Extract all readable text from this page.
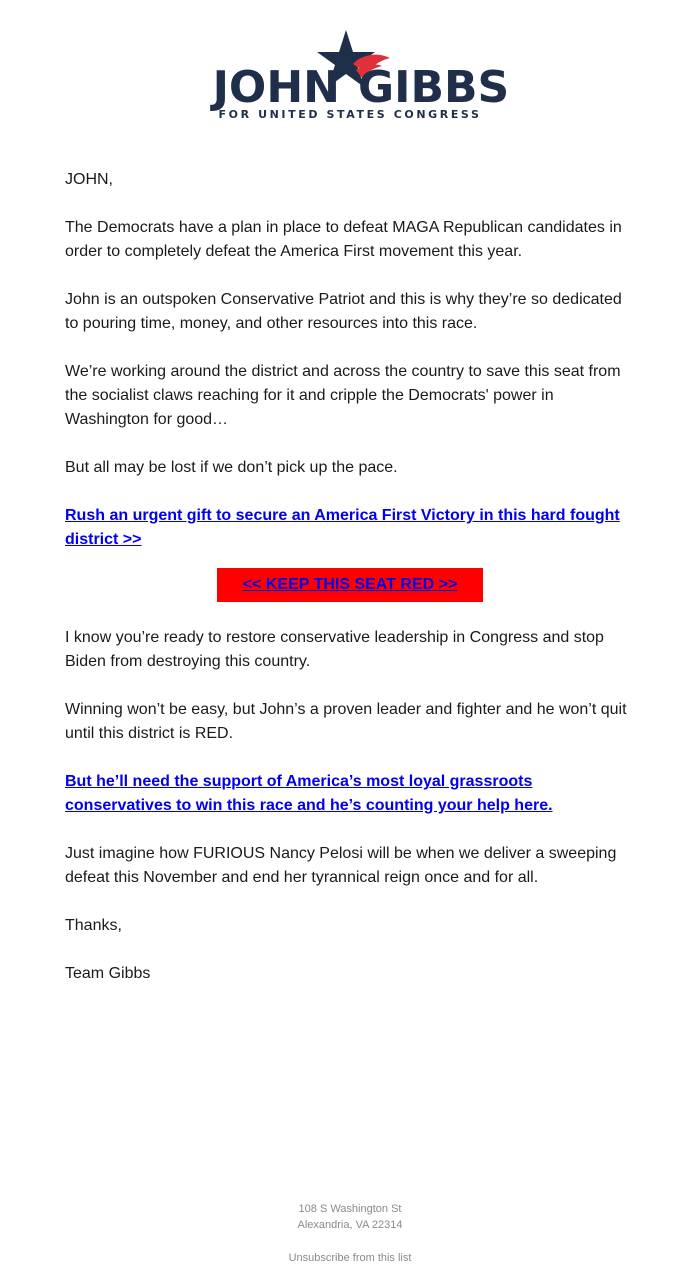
JOHN GIBBS
FOR UNITED STATES CONGRESS

JOHN,

The Democrats have a plan in place to defeat MAGA Republican candidates in order to completely defeat the America First movement this year.

John is an outspoken Conservative Patriot and this is why they’re so dedicated to pouring time, money, and other resources into this race.

We’re working around the district and across the country to save this seat from the socialist claws reaching for it and cripple the Democrats' power in Washington for good…

But all may be lost if we don’t pick up the pace.

Rush an urgent gift to secure an America First Victory in this hard fought district >>

<< KEEP THIS SEAT RED >>

I know you’re ready to restore conservative leadership in Congress and stop Biden from destroying this country.

Winning won’t be easy, but John’s a proven leader and fighter and he won’t quit until this district is RED.

But he’ll need the support of America’s most loyal grassroots conservatives to win this race and he’s counting your help here.

Just imagine how FURIOUS Nancy Pelosi will be when we deliver a sweeping defeat this November and end her tyrannical reign once and for all.

Thanks,

Team Gibbs

108 S Washington St
Alexandria, VA 22314
Unsubscribe from this list
